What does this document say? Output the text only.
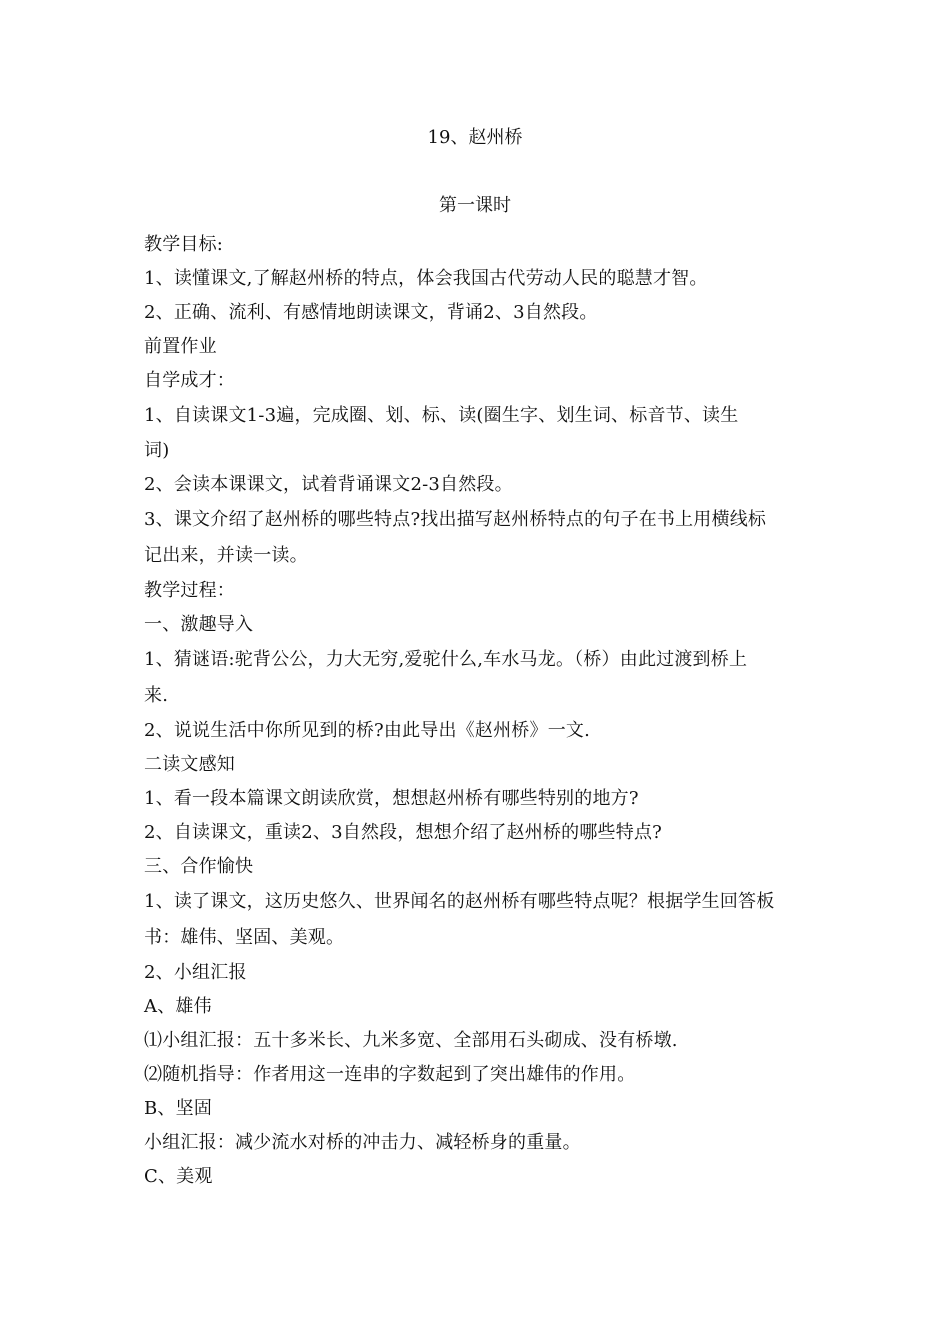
19、赵州桥
第一课时
教学目标:
1、读懂课文,了解赵州桥的特点，体会我国古代劳动人民的聪慧才智。
2、正确、流利、有感情地朗读课文，背诵2、3自然段。
前置作业
自学成才：
1、自读课文1-3遍，完成圈、划、标、读(圈生字、划生词、标音节、读生
词)
2、会读本课课文，试着背诵课文2-3自然段。
3、课文介绍了赵州桥的哪些特点?找出描写赵州桥特点的句子在书上用横线标
记出来，并读一读。
教学过程：
一、激趣导入
1、猜谜语:驼背公公，力大无穷,爱驼什么,车水马龙。（桥）由此过渡到桥上
来.
2、说说生活中你所见到的桥?由此导出《赵州桥》一文.
二读文感知
1、看一段本篇课文朗读欣赏，想想赵州桥有哪些特别的地方?
2、自读课文，重读2、3自然段，想想介绍了赵州桥的哪些特点?
三、合作愉快
1、读了课文，这历史悠久、世界闻名的赵州桥有哪些特点呢？根据学生回答板
书：雄伟、坚固、美观。
2、小组汇报
A、雄伟
⑴小组汇报：五十多米长、九米多宽、全部用石头砌成、没有桥墩.
⑵随机指导：作者用这一连串的字数起到了突出雄伟的作用。
B、坚固
小组汇报：减少流水对桥的冲击力、减轻桥身的重量。
C、美观
